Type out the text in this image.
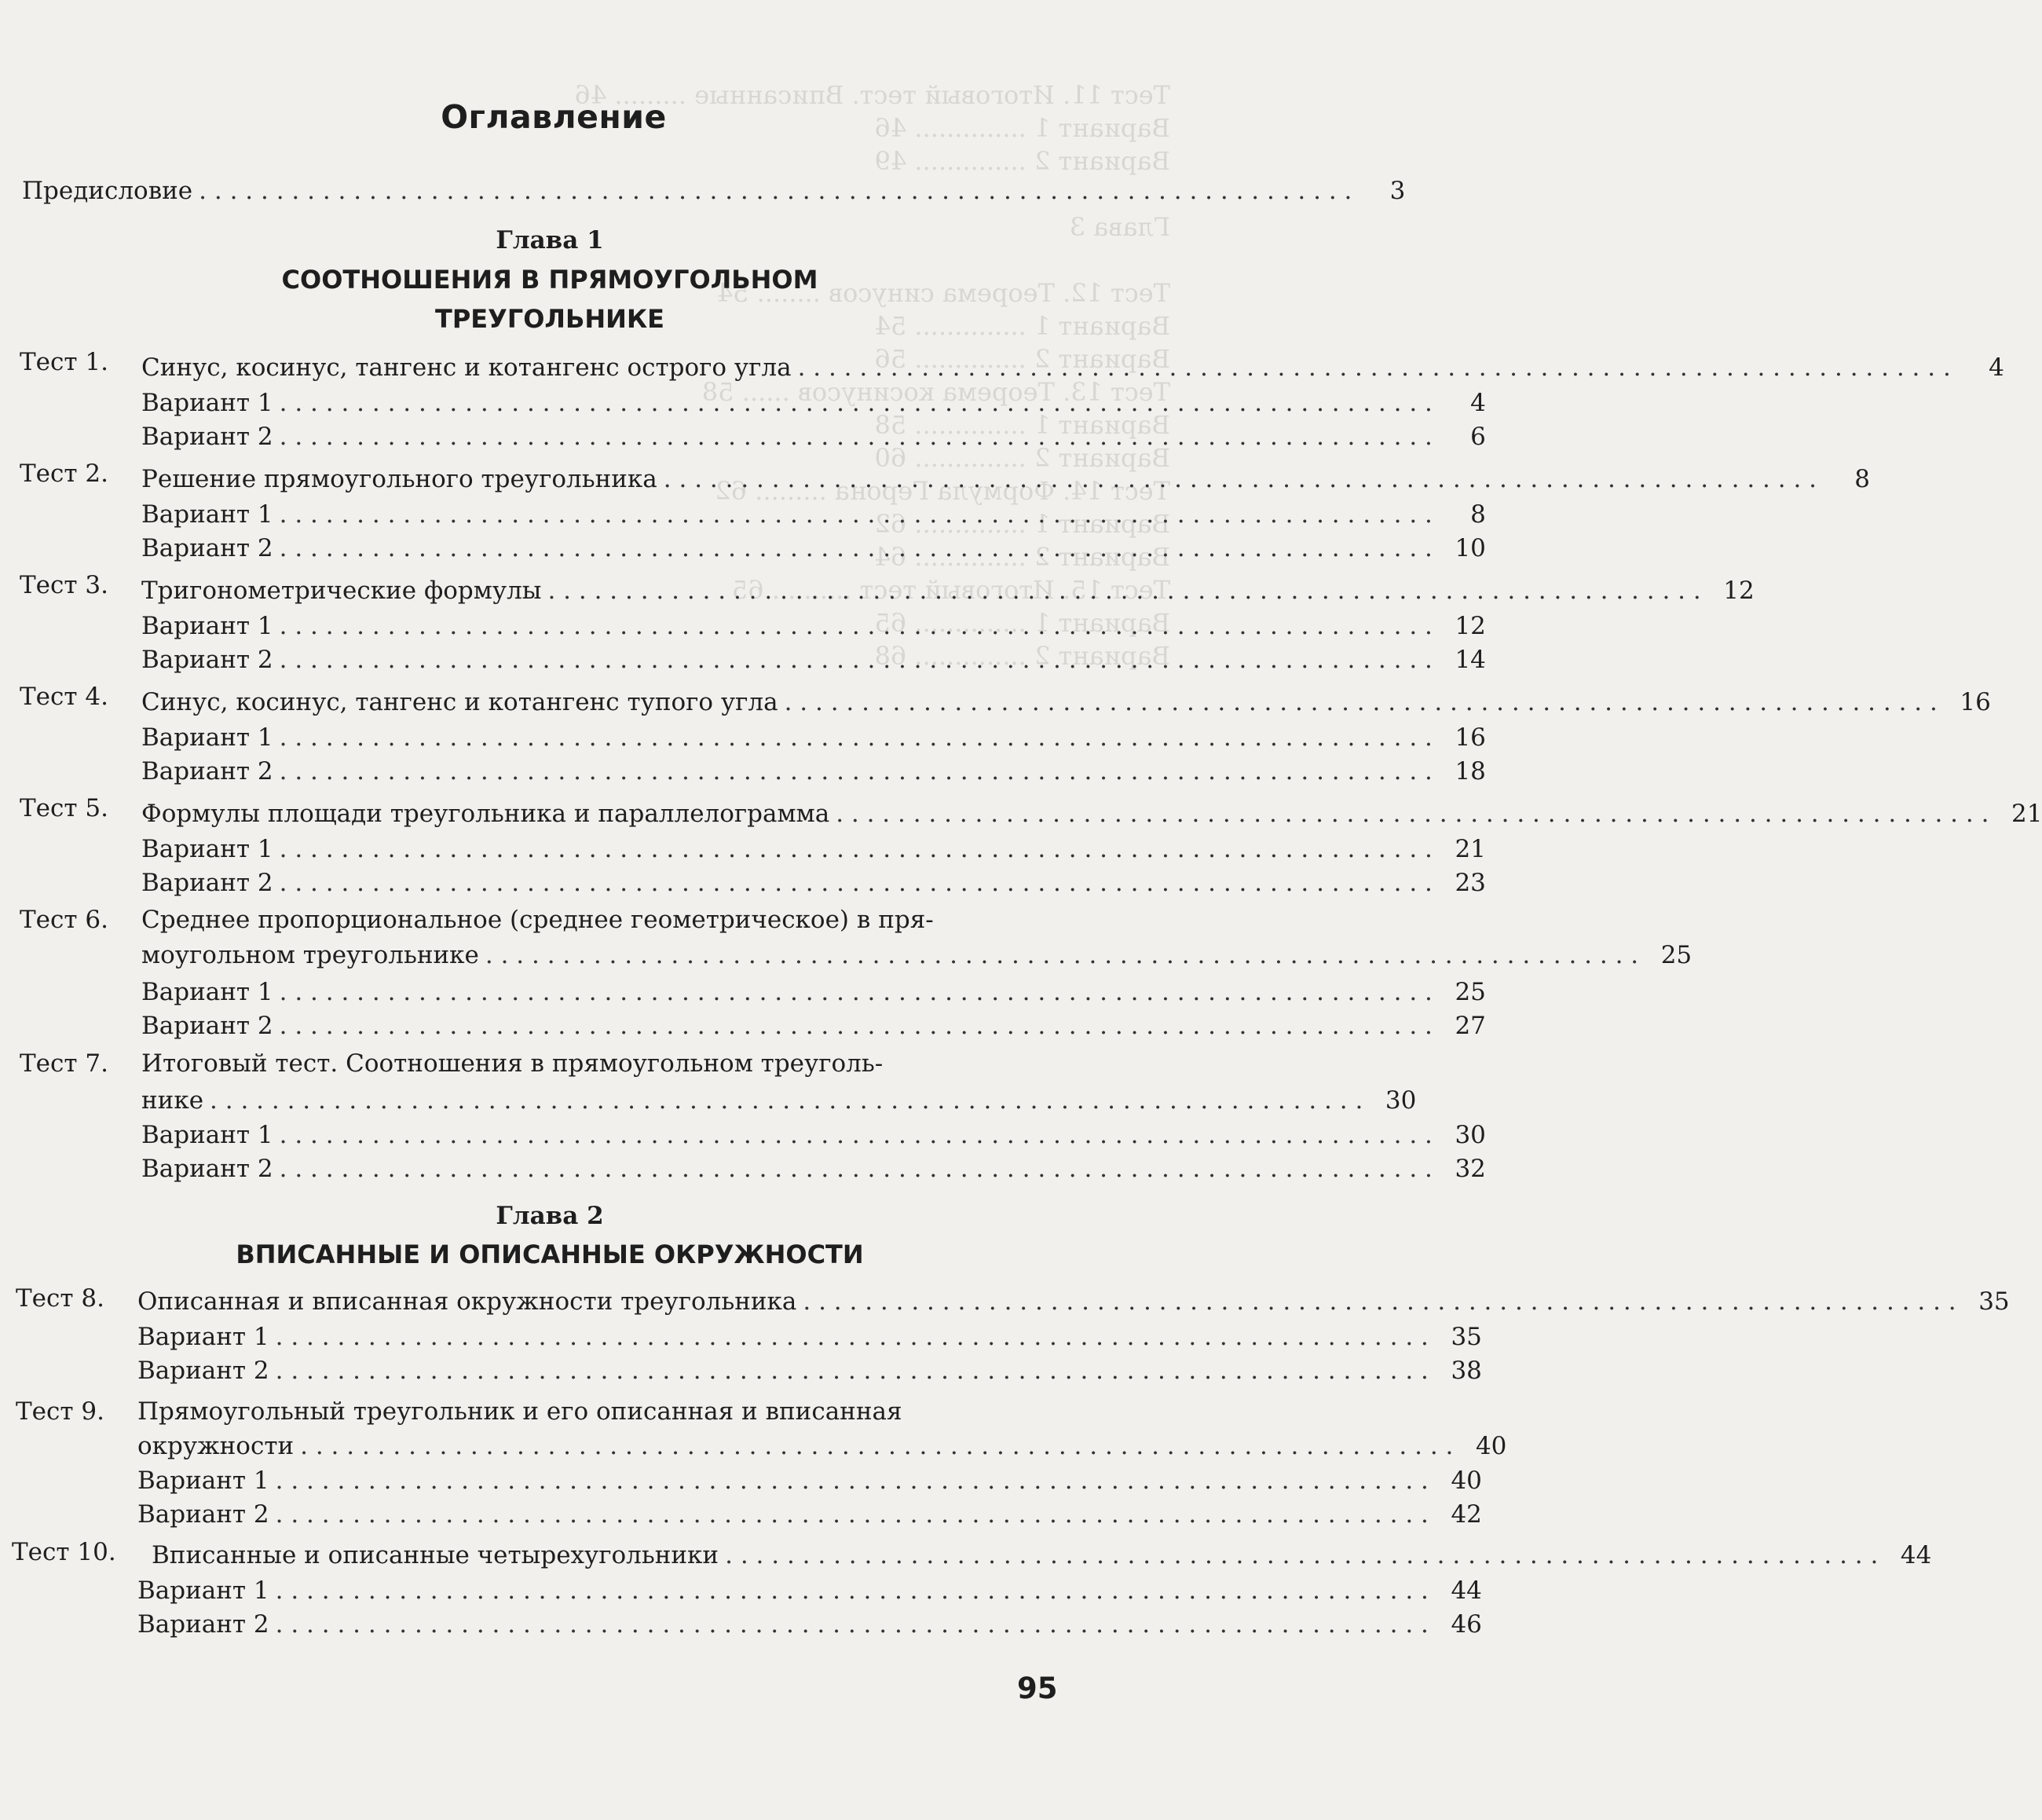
Тест 11. Итоговый тест. Вписанные ......... 46
Вариант 1 .............. 46
Вариант 2 .............. 49

Глава 3

Тест 12. Теорема синусов ........ 54
Вариант 1 .............. 54
Вариант 2 .............. 56
Тест 13. Теорема косинусов ...... 58
Вариант 1 .............. 58
Вариант 2 .............. 60
Тест 14. Формула Герона ......... 62
Вариант 1 .............. 62
Вариант 2 .............. 64
Тест 15. Итоговый тест .......... 65
Вариант 1 .............. 65
Вариант 2 .............. 68
Оглавление
Предисловие . . .	3
Глава 1
СООТНОШЕНИЯ В ПРЯМОУГОЛЬНОМ
ТРЕУГОЛЬНИКЕ
Тест 1. Синус, косинус, тангенс и котангенс острого угла . . .	4
Вариант 1 . . .	4
Вариант 2 . . .	6
Тест 2. Решение прямоугольного треугольника . . .	8
Вариант 1 . . .	8
Вариант 2 . . .	10
Тест 3. Тригонометрические формулы . . .	12
Вариант 1 . . .	12
Вариант 2 . . .	14
Тест 4. Синус, косинус, тангенс и котангенс тупого угла . . .	16
Вариант 1 . . .	16
Вариант 2 . . .	18
Тест 5. Формулы площади треугольника и параллелограмма . . .	21
Вариант 1 . . .	21
Вариант 2 . . .	23
Тест 6. Среднее пропорциональное (среднее геометрическое) в пря-
моугольном треугольнике . . .	25
Вариант 1 . . .	25
Вариант 2 . . .	27
Тест 7. Итоговый тест. Соотношения в прямоугольном треуголь-
нике . . .	30
Вариант 1 . . .	30
Вариант 2 . . .	32
Глава 2
ВПИСАННЫЕ И ОПИСАННЫЕ ОКРУЖНОСТИ
Тест 8. Описанная и вписанная окружности треугольника . . .	35
Вариант 1 . . .	35
Вариант 2 . . .	38
Тест 9. Прямоугольный треугольник и его описанная и вписанная
окружности . . .	40
Вариант 1 . . .	40
Вариант 2 . . .	42
Тест 10. Вписанные и описанные четырехугольники . . .	44
Вариант 1 . . .	44
Вариант 2 . . .	46
95
